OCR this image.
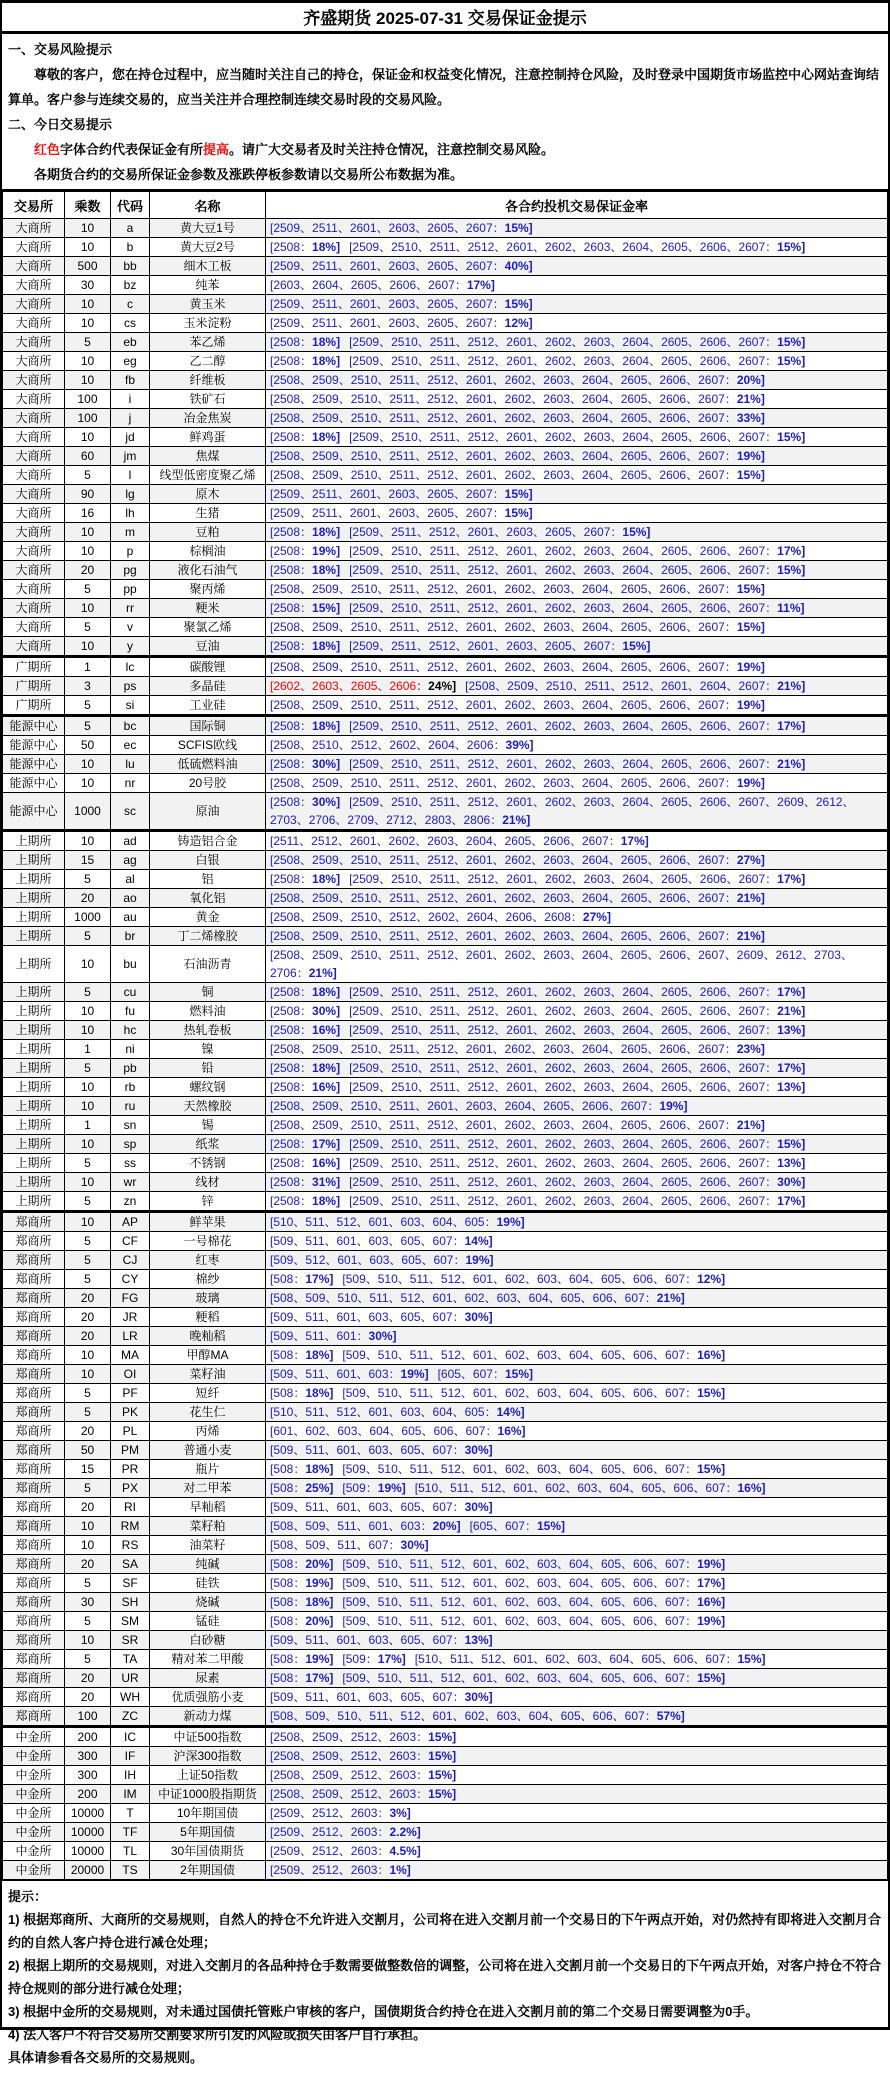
齐盛期货 2025-07-31 交易保证金提示

一、交易风险提示

尊敬的客户，您在持仓过程中，应当随时关注自己的持仓，保证金和权益变化情况，注意控制持仓风险，及时登录中国期货市场监控中心网站查询结算单。客户参与连续交易的，应当关注并合理控制连续交易时段的交易风险。

二、今日交易提示

红色字体合约代表保证金有所提高。请广大交易者及时关注持仓情况，注意控制交易风险。

各期货合约的交易所保证金参数及涨跌停板参数请以交易所公布数据为准。

交易所	乘数	代码	名称	各合约投机交易保证金率
大商所	10	a	黄大豆1号	[2509、2511、2601、2603、2605、2607：15%]
大商所	10	b	黄大豆2号	[2508：18%] [2509、2510、2511、2512、2601、2602、2603、2604、2605、2606、2607：15%]
大商所	500	bb	细木工板	[2509、2511、2601、2603、2605、2607：40%]
大商所	30	bz	纯苯	[2603、2604、2605、2606、2607：17%]
大商所	10	c	黄玉米	[2509、2511、2601、2603、2605、2607：15%]
大商所	10	cs	玉米淀粉	[2509、2511、2601、2603、2605、2607：12%]
大商所	5	eb	苯乙烯	[2508：18%] [2509、2510、2511、2512、2601、2602、2603、2604、2605、2606、2607：15%]
大商所	10	eg	乙二醇	[2508：18%] [2509、2510、2511、2512、2601、2602、2603、2604、2605、2606、2607：15%]
大商所	10	fb	纤维板	[2508、2509、2510、2511、2512、2601、2602、2603、2604、2605、2606、2607：20%]
大商所	100	i	铁矿石	[2508、2509、2510、2511、2512、2601、2602、2603、2604、2605、2606、2607：21%]
大商所	100	j	冶金焦炭	[2508、2509、2510、2511、2512、2601、2602、2603、2604、2605、2606、2607：33%]
大商所	10	jd	鲜鸡蛋	[2508：18%] [2509、2510、2511、2512、2601、2602、2603、2604、2605、2606、2607：15%]
大商所	60	jm	焦煤	[2508、2509、2510、2511、2512、2601、2602、2603、2604、2605、2606、2607：19%]
大商所	5	l	线型低密度聚乙烯	[2508、2509、2510、2511、2512、2601、2602、2603、2604、2605、2606、2607：15%]
大商所	90	lg	原木	[2509、2511、2601、2603、2605、2607：15%]
大商所	16	lh	生猪	[2509、2511、2601、2603、2605、2607：15%]
大商所	10	m	豆粕	[2508：18%] [2509、2511、2512、2601、2603、2605、2607：15%]
大商所	10	p	棕榈油	[2508：19%] [2509、2510、2511、2512、2601、2602、2603、2604、2605、2606、2607：17%]
大商所	20	pg	液化石油气	[2508：18%] [2509、2510、2511、2512、2601、2602、2603、2604、2605、2606、2607：15%]
大商所	5	pp	聚丙烯	[2508、2509、2510、2511、2512、2601、2602、2603、2604、2605、2606、2607：15%]
大商所	10	rr	粳米	[2508：15%] [2509、2510、2511、2512、2601、2602、2603、2604、2605、2606、2607：11%]
大商所	5	v	聚氯乙烯	[2508、2509、2510、2511、2512、2601、2602、2603、2604、2605、2606、2607：15%]
大商所	10	y	豆油	[2508：18%] [2509、2511、2512、2601、2603、2605、2607：15%]
广期所	1	lc	碳酸锂	[2508、2509、2510、2511、2512、2601、2602、2603、2604、2605、2606、2607：19%]
广期所	3	ps	多晶硅	[2602、2603、2605、2606：24%] [2508、2509、2510、2511、2512、2601、2604、2607：21%]
广期所	5	si	工业硅	[2508、2509、2510、2511、2512、2601、2602、2603、2604、2605、2606、2607：19%]
能源中心	5	bc	国际铜	[2508：18%] [2509、2510、2511、2512、2601、2602、2603、2604、2605、2606、2607：17%]
能源中心	50	ec	SCFIS欧线	[2508、2510、2512、2602、2604、2606：39%]
能源中心	10	lu	低硫燃料油	[2508：30%] [2509、2510、2511、2512、2601、2602、2603、2604、2605、2606、2607：21%]
能源中心	10	nr	20号胶	[2508、2509、2510、2511、2512、2601、2602、2603、2604、2605、2606、2607：19%]
能源中心	1000	sc	原油	[2508：30%] [2509、2510、2511、2512、2601、2602、2603、2604、2605、2606、2607、2609、2612、2703、2706、2709、2712、2803、2806：21%]
上期所	10	ad	铸造铝合金	[2511、2512、2601、2602、2603、2604、2605、2606、2607：17%]
上期所	15	ag	白银	[2508、2509、2510、2511、2512、2601、2602、2603、2604、2605、2606、2607：27%]
上期所	5	al	铝	[2508：18%] [2509、2510、2511、2512、2601、2602、2603、2604、2605、2606、2607：17%]
上期所	20	ao	氧化铝	[2508、2509、2510、2511、2512、2601、2602、2603、2604、2605、2606、2607：21%]
上期所	1000	au	黄金	[2508、2509、2510、2512、2602、2604、2606、2608：27%]
上期所	5	br	丁二烯橡胶	[2508、2509、2510、2511、2512、2601、2602、2603、2604、2605、2606、2607：21%]
上期所	10	bu	石油沥青	[2508、2509、2510、2511、2512、2601、2602、2603、2604、2605、2606、2607、2609、2612、2703、2706：21%]
上期所	5	cu	铜	[2508：18%] [2509、2510、2511、2512、2601、2602、2603、2604、2605、2606、2607：17%]
上期所	10	fu	燃料油	[2508：30%] [2509、2510、2511、2512、2601、2602、2603、2604、2605、2606、2607：21%]
上期所	10	hc	热轧卷板	[2508：16%] [2509、2510、2511、2512、2601、2602、2603、2604、2605、2606、2607：13%]
上期所	1	ni	镍	[2508、2509、2510、2511、2512、2601、2602、2603、2604、2605、2606、2607：23%]
上期所	5	pb	铅	[2508：18%] [2509、2510、2511、2512、2601、2602、2603、2604、2605、2606、2607：17%]
上期所	10	rb	螺纹钢	[2508：16%] [2509、2510、2511、2512、2601、2602、2603、2604、2605、2606、2607：13%]
上期所	10	ru	天然橡胶	[2508、2509、2510、2511、2601、2603、2604、2605、2606、2607：19%]
上期所	1	sn	锡	[2508、2509、2510、2511、2512、2601、2602、2603、2604、2605、2606、2607：21%]
上期所	10	sp	纸浆	[2508：17%] [2509、2510、2511、2512、2601、2602、2603、2604、2605、2606、2607：15%]
上期所	5	ss	不锈钢	[2508：16%] [2509、2510、2511、2512、2601、2602、2603、2604、2605、2606、2607：13%]
上期所	10	wr	线材	[2508：31%] [2509、2510、2511、2512、2601、2602、2603、2604、2605、2606、2607：30%]
上期所	5	zn	锌	[2508：18%] [2509、2510、2511、2512、2601、2602、2603、2604、2605、2606、2607：17%]
郑商所	10	AP	鲜苹果	[510、511、512、601、603、604、605：19%]
郑商所	5	CF	一号棉花	[509、511、601、603、605、607：14%]
郑商所	5	CJ	红枣	[509、512、601、603、605、607：19%]
郑商所	5	CY	棉纱	[508：17%] [509、510、511、512、601、602、603、604、605、606、607：12%]
郑商所	20	FG	玻璃	[508、509、510、511、512、601、602、603、604、605、606、607：21%]
郑商所	20	JR	粳稻	[509、511、601、603、605、607：30%]
郑商所	20	LR	晚籼稻	[509、511、601：30%]
郑商所	10	MA	甲醇MA	[508：18%] [509、510、511、512、601、602、603、604、605、606、607：16%]
郑商所	10	OI	菜籽油	[509、511、601、603：19%] [605、607：15%]
郑商所	5	PF	短纤	[508：18%] [509、510、511、512、601、602、603、604、605、606、607：15%]
郑商所	5	PK	花生仁	[510、511、512、601、603、604、605：14%]
郑商所	20	PL	丙烯	[601、602、603、604、605、606、607：16%]
郑商所	50	PM	普通小麦	[509、511、601、603、605、607：30%]
郑商所	15	PR	瓶片	[508：18%] [509、510、511、512、601、602、603、604、605、606、607：15%]
郑商所	5	PX	对二甲苯	[508：25%] [509：19%] [510、511、512、601、602、603、604、605、606、607：16%]
郑商所	20	RI	早籼稻	[509、511、601、603、605、607：30%]
郑商所	10	RM	菜籽粕	[508、509、511、601、603：20%] [605、607：15%]
郑商所	10	RS	油菜籽	[508、509、511、607：30%]
郑商所	20	SA	纯碱	[508：20%] [509、510、511、512、601、602、603、604、605、606、607：19%]
郑商所	5	SF	硅铁	[508：19%] [509、510、511、512、601、602、603、604、605、606、607：17%]
郑商所	30	SH	烧碱	[508：18%] [509、510、511、512、601、602、603、604、605、606、607：16%]
郑商所	5	SM	锰硅	[508：20%] [509、510、511、512、601、602、603、604、605、606、607：19%]
郑商所	10	SR	白砂糖	[509、511、601、603、605、607：13%]
郑商所	5	TA	精对苯二甲酸	[508：19%] [509：17%] [510、511、512、601、602、603、604、605、606、607：15%]
郑商所	20	UR	尿素	[508：17%] [509、510、511、512、601、602、603、604、605、606、607：15%]
郑商所	20	WH	优质强筋小麦	[509、511、601、603、605、607：30%]
郑商所	100	ZC	新动力煤	[508、509、510、511、512、601、602、603、604、605、606、607：57%]
中金所	200	IC	中证500指数	[2508、2509、2512、2603：15%]
中金所	300	IF	沪深300指数	[2508、2509、2512、2603：15%]
中金所	300	IH	上证50指数	[2508、2509、2512、2603：15%]
中金所	200	IM	中证1000股指期货	[2508、2509、2512、2603：15%]
中金所	10000	T	10年期国债	[2509、2512、2603：3%]
中金所	10000	TF	5年期国债	[2509、2512、2603：2.2%]
中金所	10000	TL	30年国债期货	[2509、2512、2603：4.5%]
中金所	20000	TS	2年期国债	[2509、2512、2603：1%]

提示：

1) 根据郑商所、大商所的交易规则，自然人的持仓不允许进入交割月，公司将在进入交割月前一个交易日的下午两点开始，对仍然持有即将进入交割月合约的自然人客户持仓进行减仓处理；

2) 根据上期所的交易规则，对进入交割月的各品种持仓手数需要做整数倍的调整，公司将在进入交割月前一个交易日的下午两点开始，对客户持仓不符合持仓规则的部分进行减仓处理；

3) 根据中金所的交易规则，对未通过国债托管账户审核的客户，国债期货合约持仓在进入交割月前的第二个交易日需要调整为0手。

4) 法人客户不符合交易所交割要求所引发的风险或损失由客户自行承担。

具体请参看各交易所的交易规则。
